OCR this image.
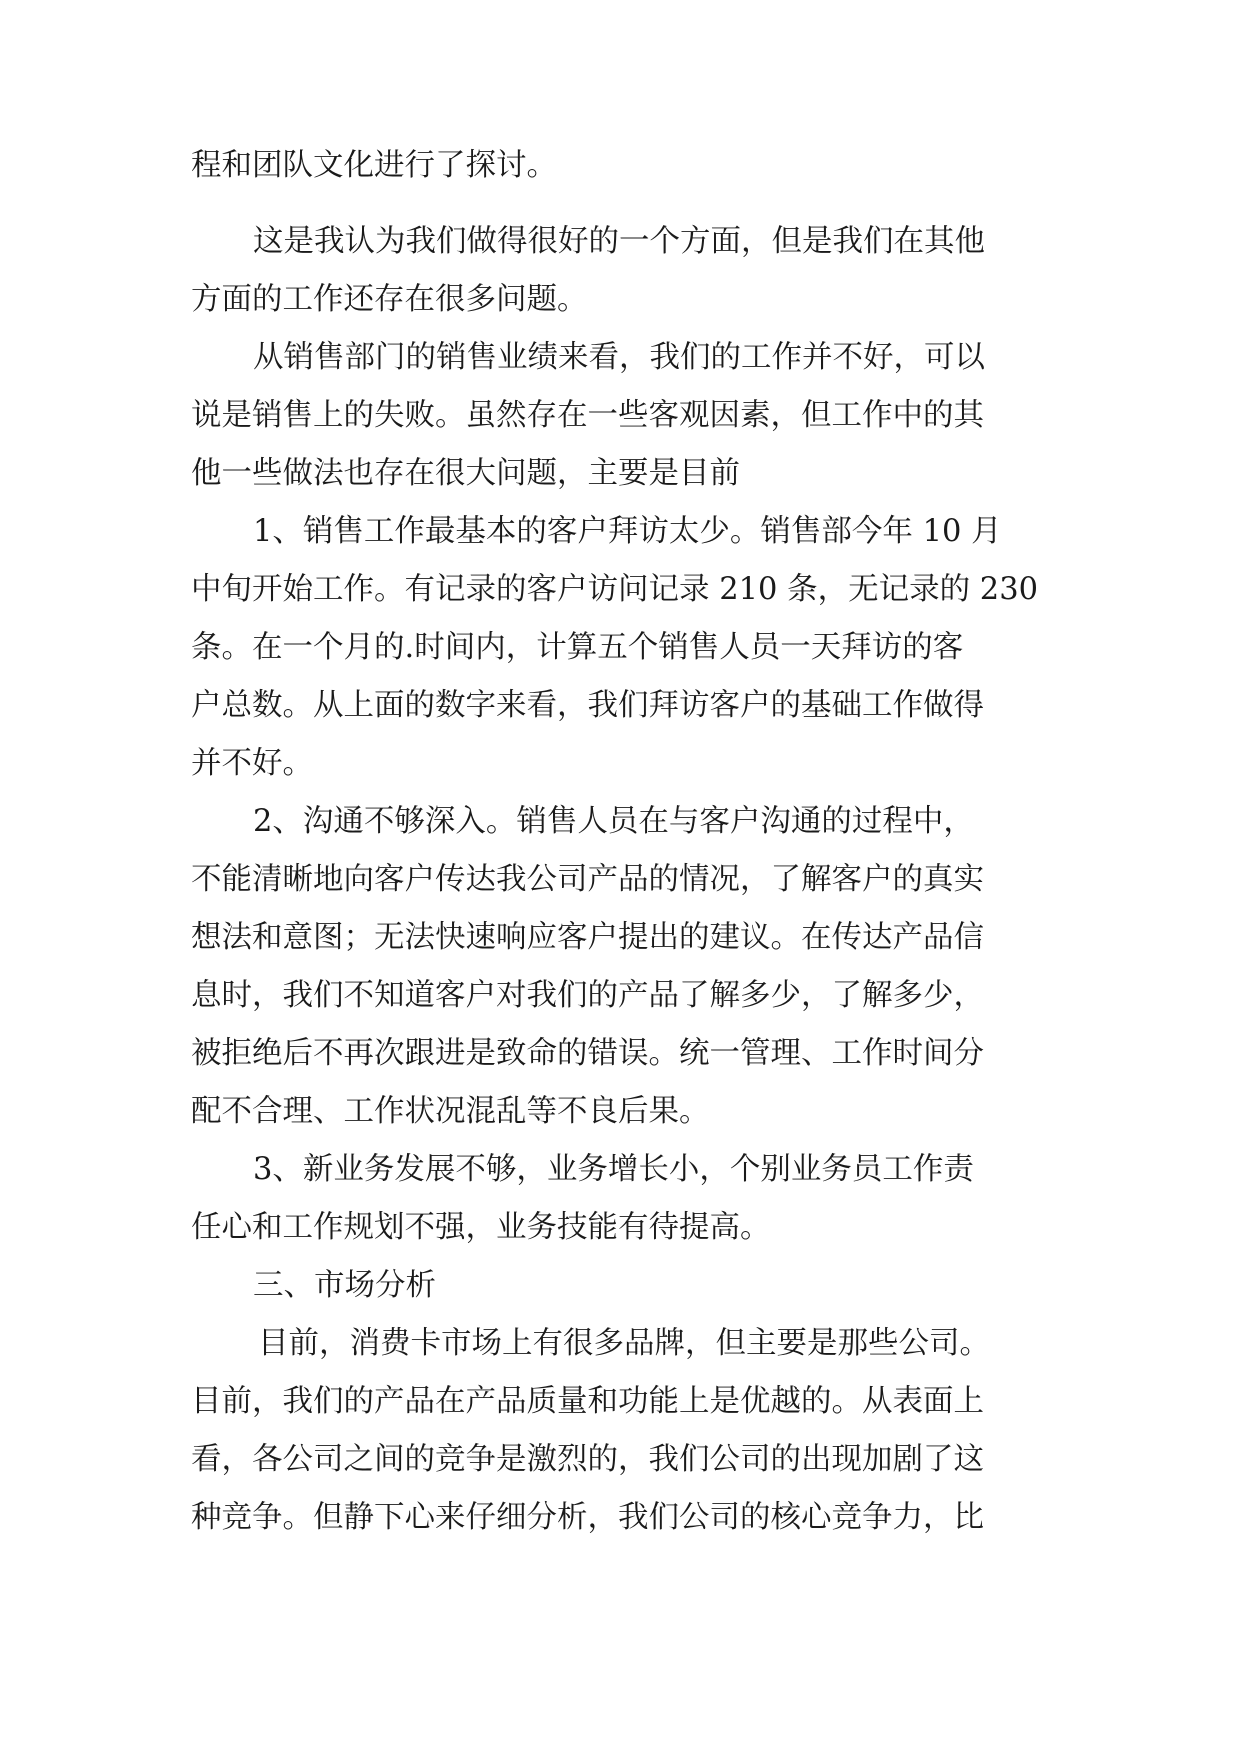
程和团队文化进行了探讨。
这是我认为我们做得很好的一个方面，但是我们在其他
方面的工作还存在很多问题。
从销售部门的销售业绩来看，我们的工作并不好，可以
说是销售上的失败。虽然存在一些客观因素，但工作中的其
他一些做法也存在很大问题，主要是目前
1、销售工作最基本的客户拜访太少。销售部今年 10 月
中旬开始工作。有记录的客户访问记录 210 条，无记录的 230
条。在一个月的.时间内，计算五个销售人员一天拜访的客
户总数。从上面的数字来看，我们拜访客户的基础工作做得
并不好。
2、沟通不够深入。销售人员在与客户沟通的过程中，
不能清晰地向客户传达我公司产品的情况，了解客户的真实
想法和意图；无法快速响应客户提出的建议。在传达产品信
息时，我们不知道客户对我们的产品了解多少，了解多少，
被拒绝后不再次跟进是致命的错误。统一管理、工作时间分
配不合理、工作状况混乱等不良后果。
3、新业务发展不够，业务增长小，个别业务员工作责
任心和工作规划不强，业务技能有待提高。
三、市场分析
目前，消费卡市场上有很多品牌，但主要是那些公司。
目前，我们的产品在产品质量和功能上是优越的。从表面上
看，各公司之间的竞争是激烈的，我们公司的出现加剧了这
种竞争。但静下心来仔细分析，我们公司的核心竞争力，比
